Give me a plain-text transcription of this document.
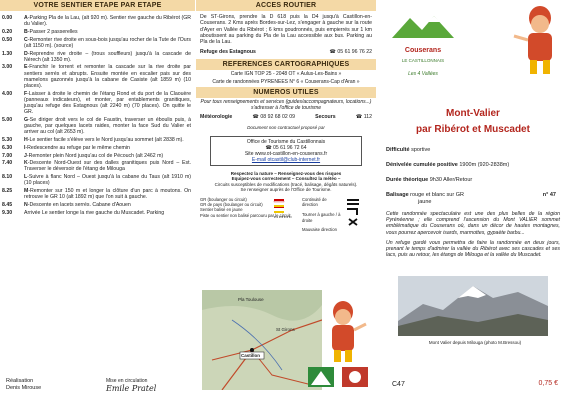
VOTRE SENTIER ETAPE PAR ETAPE
0.00	A-Parking Pla de la Lau, (alt 920 m). Sentier rive gauche du Ribérot (GR du Valier).
0.20	B-Passer 2 passerelles
0.50	C-Remonter rive droite en sous-bois jusqu'au rocher de la Tute de l'Ours (alt 1150 m). (source)
1.30	D-Reprendre rive droite – (trous souffleurs) jusqu'à la cascade de Nérech (alt 1350 m).
3.00	E-Franchir le torrent et remonter la cascade sur la rive droite par sentiers serrés et abrupts. Ensuite montée en escalier pais sur des mamelons gazonnés jusqu'à la cabane de Casiste (alt 1859 m) (10 places).
4.00	F-Laisser à droite le chemin de l'étang Rond et du port de la Claouère (panneaux indicateurs), et monter, par entablements granitiques, jusqu'au refuge des Estagnous (alt 2240 m) (70 places). On quitte le GR.
5.00	G-Se diriger droit vers le col de Faustin, traverser un éboulis puis, à gauche, par quelques lacets raides, monter la face Sud du Valier et arriver au col (alt 2653 m).
5.30	H-Le sentier facile s'élève vers le Nord jusqu'au sommet (alt 2838 m).
6.30	I-Redescendre au refuge par le même chemin
7.00	J-Remonter plein Nord jusqu'au col de Pécouch (alt 2462 m)
7.40	K-Descente Nord-Ouest sur des dalles granitiques puis Nord – Est. Traverser le déversoir de l'étang de Milouga
8.10	L-Suivre à flanc Nord – Ouest jusqu'à la cabane du Taus (alt 1910 m) (10 places)
8.25	M-Remonter sur 150 m et longer la clôture d'un parc à moutons. On retrouve le GR 10 (alt 1892 m) que l'on suit à gauche.
8.45	N-Descente en lacets serrés. Cabane d'Aouen
9.30	Arrivée Le sentier longe la rive gauche du Muscadet. Parking
Réalisation
Denis Mirouse
Mise en circulation
Emile Pratel
ACCES ROUTIER
De ST-Girons, prendre la D 618 puis la D4 jusqu'à Castillon-en-Couserans. 2 Kms après Bordes-sur-Lez, s'engager à gauche sur la route d'Ayer en Vallée du Ribérot ; 6 kms goudronnés, puis empierrés sur 1 km aboutissent au parking du Pla de la Lau accessible aux bus. Parking au Pla de la Lau.
Refuge des Estagnous	☎ 05 61 96 76 22
REFERENCES CARTOGRAPHIQUES
Carte IGN TOP 25 - 2048 OT « Aulus-Les-Bains »
Carte de randonnées PYRENEES N° 6 « Couserans-Cap d'Aran »
NUMEROS UTILES
Pour tous renseignements et services (guides/accompagnateurs, locations...) s'adresser à l'office de tourisme
Météorologie	☎ 08 92 68 02 09	Secours	☎ 112
Document non contractuel proposé par
Office de Tourisme du Castillonnais
☎ 05 61 96 72 64
Site www.ot-castillon-en-couserans.fr
E-mail otcastil@club-internet.fr
Respectez la nature – Renseignez-vous des risques
Equipez-vous correctement – Consultez la météo –
Circuits susceptibles de modifications (tracé, balisage, dégâts naturels).
Se renseigner auprès de l'Office de Tourisme.
GR (boulanger ou circuit)
GR de pays (boulanger ou circuit)
Sentier balisé en jaune
Piste ou sentier non balisé parcouru par le circuit
Continuité de direction
Tourner à gauche / à droite
Mauvaise direction
Pla Toulouse
St Girons
Castillon
Couserans
LE CASTILLONNAIS
Les 4 Vallées
Mont-Valier
par Ribérot et Muscadet
Difficulté sportive
Dénivelée cumulée positive 1900m (920-2838m)
Durée théorique 9h30 Aller/Retour
Balisage rouge et blanc sur GR	n° 47
jaune
Cette randonnée spectaculaire est une des plus belles de la région Pyrénéenne ; elle comprend l'ascension du Mont VALIER sommet emblématique du Couserans où, dans un décor de hautes montagnes, vous pourrez apercevoir isards, marmottes, gypaète barbu...
Un refuge gardé vous permettra de faire la randonnée en deux jours, prenant le temps d'admirer la vallée du Ribérot avec ses cascades et ses lacs, puis au retour, les étangs de Milouga et la vallée du Muscadet.
Mont Valier depuis Milouga (photo M.Bressou)
C47	0,75 €
